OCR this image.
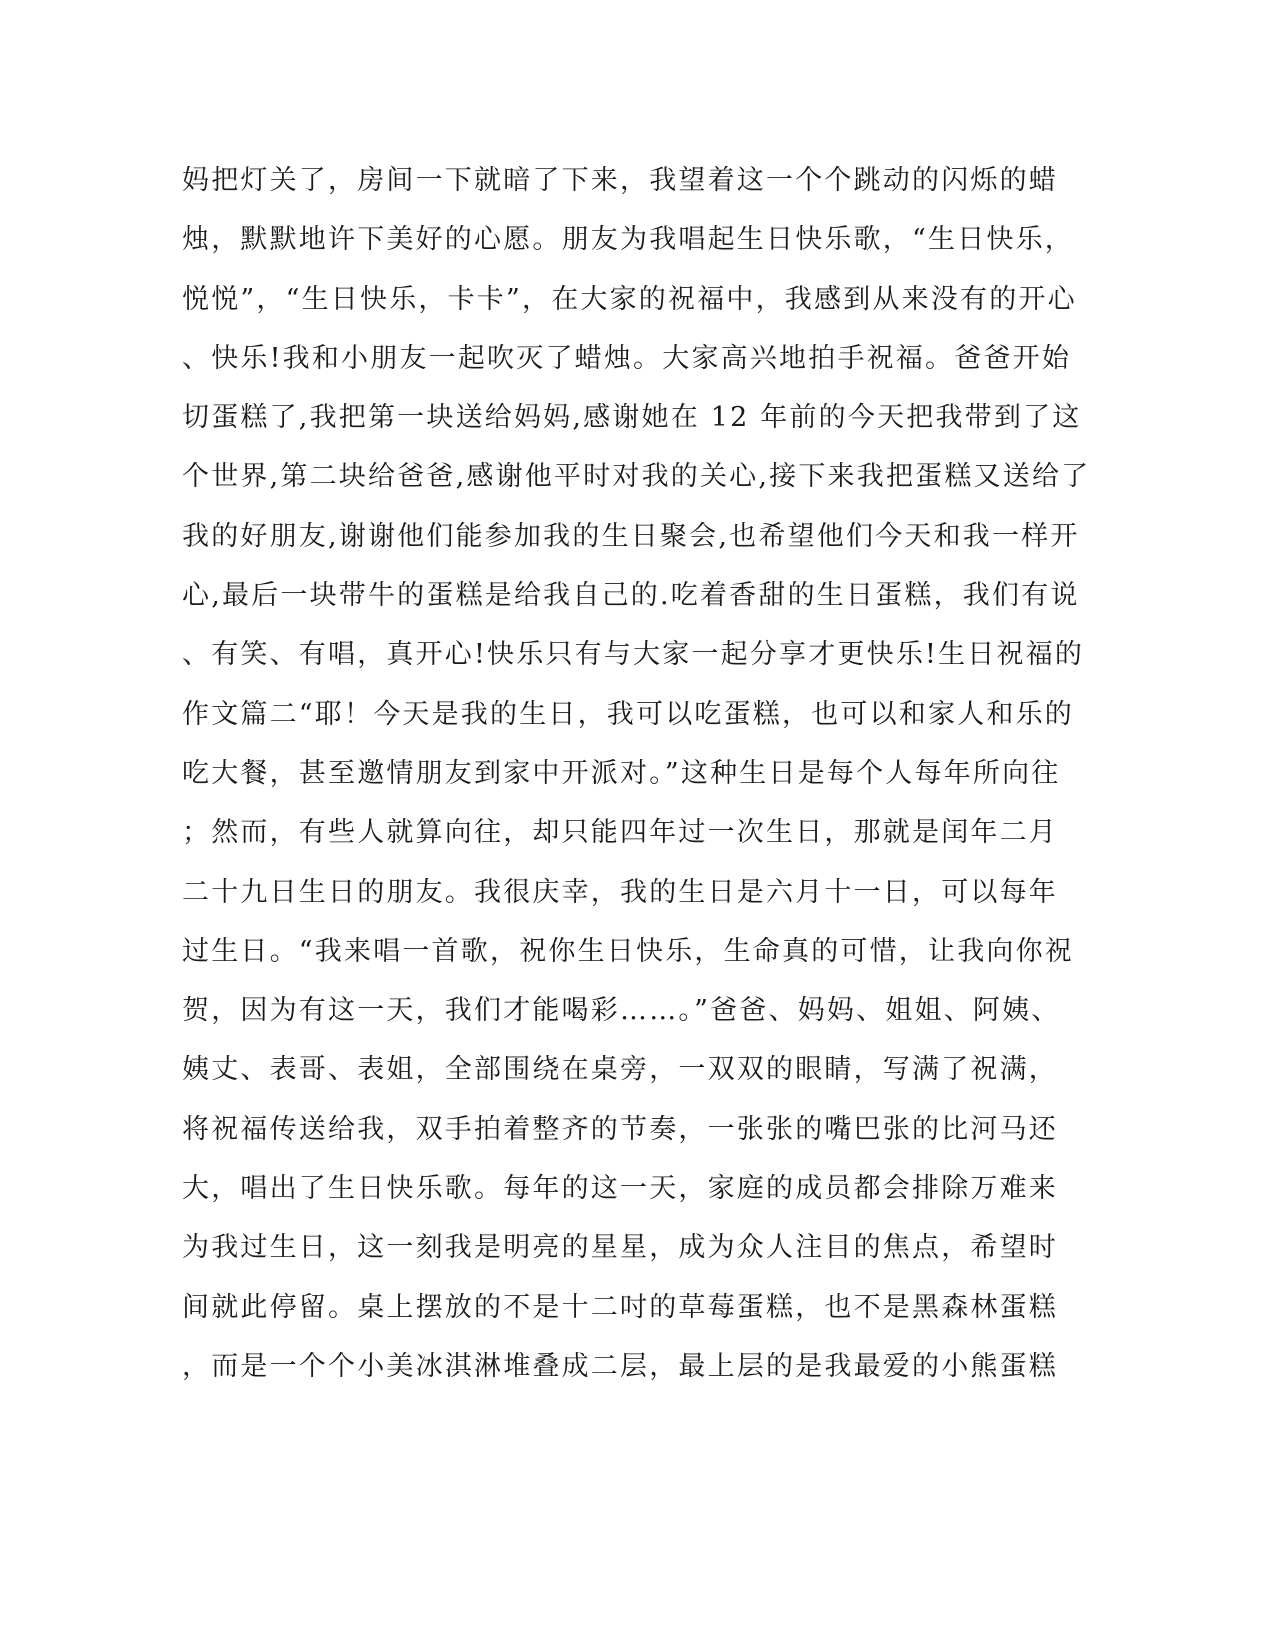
妈把灯关了，房间一下就暗了下来，我望着这一个个跳动的闪烁的蜡
烛，默默地许下美好的心愿。朋友为我唱起生日快乐歌，“生日快乐，
悦悦”，“生日快乐，卡卡”，在大家的祝福中，我感到从来没有的开心
、快乐!我和小朋友一起吹灭了蜡烛。大家高兴地拍手祝福。爸爸开始
切蛋糕了,我把第一块送给妈妈,感谢她在 12 年前的今天把我带到了这
个世界,第二块给爸爸,感谢他平时对我的关心,接下来我把蛋糕又送给了
我的好朋友,谢谢他们能参加我的生日聚会,也希望他们今天和我一样开
心,最后一块带牛的蛋糕是给我自己的.吃着香甜的生日蛋糕，我们有说
、有笑、有唱，真开心!快乐只有与大家一起分享才更快乐!生日祝福的
作文篇二“耶！今天是我的生日，我可以吃蛋糕，也可以和家人和乐的
吃大餐，甚至邀情朋友到家中开派对。”这种生日是每个人每年所向往
；然而，有些人就算向往，却只能四年过一次生日，那就是闰年二月
二十九日生日的朋友。我很庆幸，我的生日是六月十一日，可以每年
过生日。“我来唱一首歌，祝你生日快乐，生命真的可惜，让我向你祝
贺，因为有这一天，我们才能喝彩……。”爸爸、妈妈、姐姐、阿姨、
姨丈、表哥、表姐，全部围绕在桌旁，一双双的眼睛，写满了祝满，
将祝福传送给我，双手拍着整齐的节奏，一张张的嘴巴张的比河马还
大，唱出了生日快乐歌。每年的这一天，家庭的成员都会排除万难来
为我过生日，这一刻我是明亮的星星，成为众人注目的焦点，希望时
间就此停留。桌上摆放的不是十二吋的草莓蛋糕，也不是黑森林蛋糕
，而是一个个小美冰淇淋堆叠成二层，最上层的是我最爱的小熊蛋糕
